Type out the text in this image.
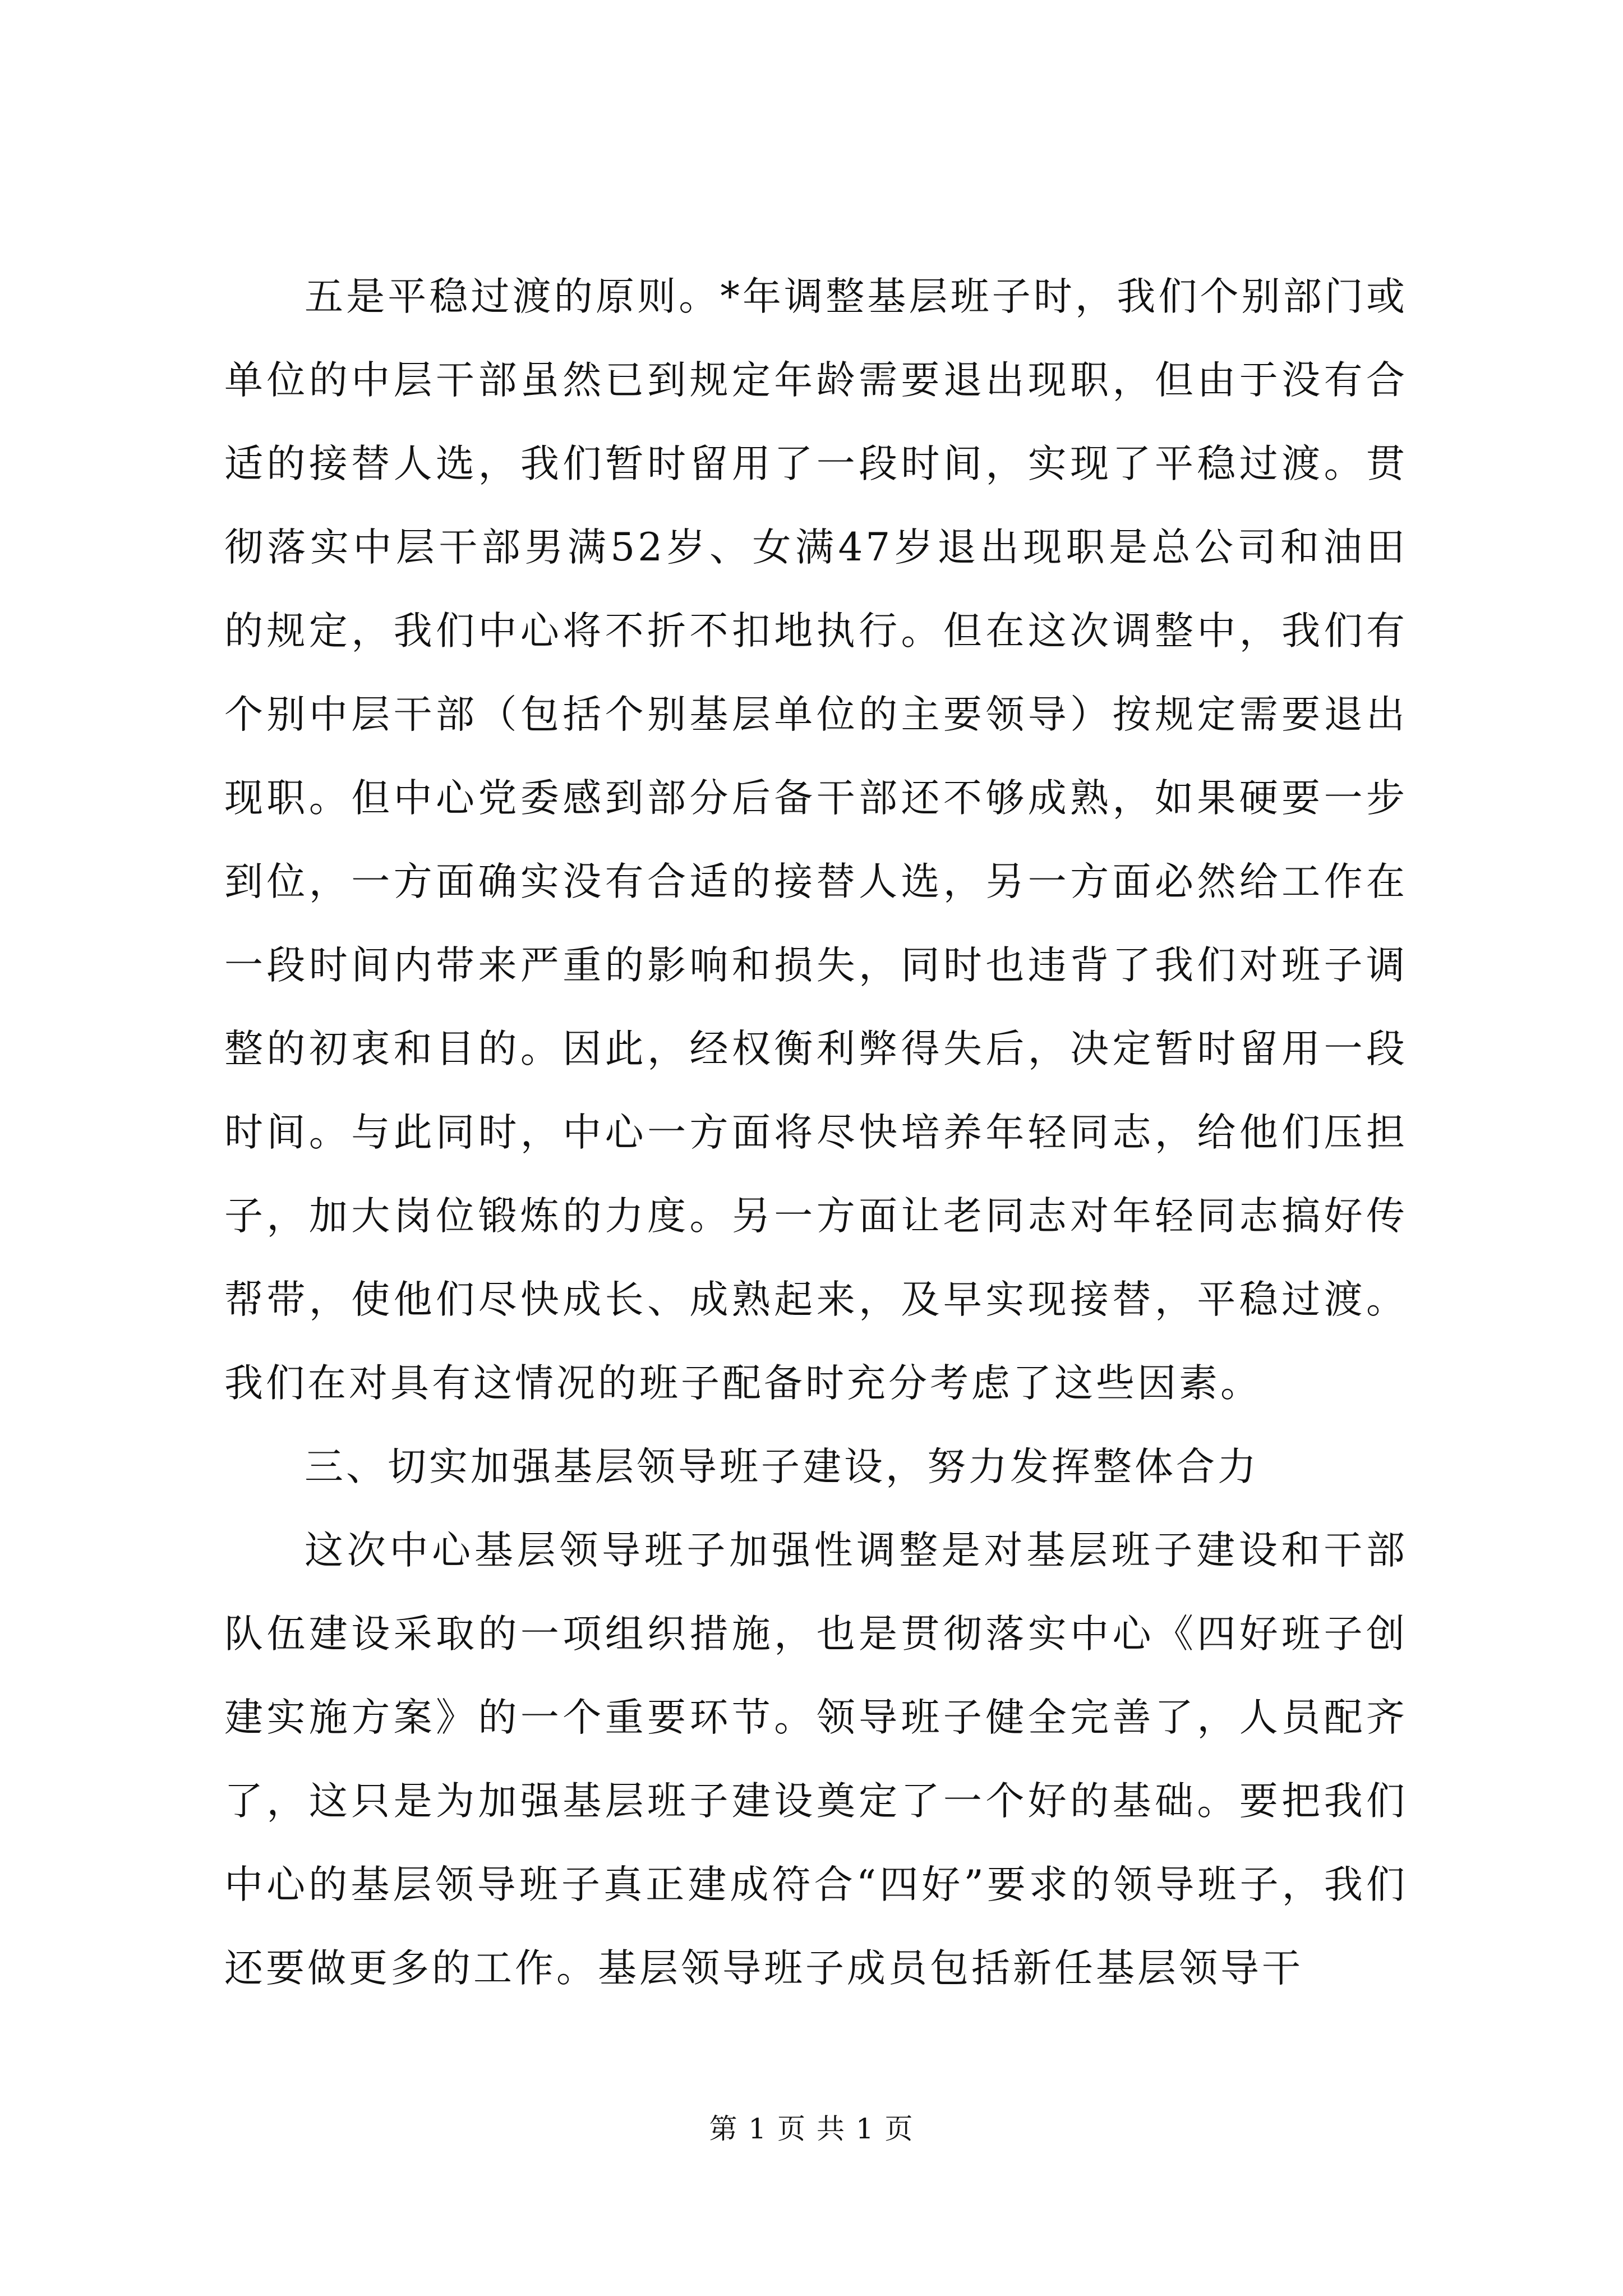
五是平稳过渡的原则。*年调整基层班子时，我们个别部门或单位的中层干部虽然已到规定年龄需要退出现职，但由于没有合适的接替人选，我们暂时留用了一段时间，实现了平稳过渡。贯彻落实中层干部男满52岁、女满47岁退出现职是总公司和油田的规定，我们中心将不折不扣地执行。但在这次调整中，我们有个别中层干部（包括个别基层单位的主要领导）按规定需要退出现职。但中心党委感到部分后备干部还不够成熟，如果硬要一步到位，一方面确实没有合适的接替人选，另一方面必然给工作在一段时间内带来严重的影响和损失，同时也违背了我们对班子调整的初衷和目的。因此，经权衡利弊得失后，决定暂时留用一段时间。与此同时，中心一方面将尽快培养年轻同志，给他们压担子，加大岗位锻炼的力度。另一方面让老同志对年轻同志搞好传帮带，使他们尽快成长、成熟起来，及早实现接替，平稳过渡。我们在对具有这情况的班子配备时充分考虑了这些因素。

三、切实加强基层领导班子建设，努力发挥整体合力

这次中心基层领导班子加强性调整是对基层班子建设和干部队伍建设采取的一项组织措施，也是贯彻落实中心《四好班子创建实施方案》的一个重要环节。领导班子健全完善了，人员配齐了，这只是为加强基层班子建设奠定了一个好的基础。要把我们中心的基层领导班子真正建成符合“四好”要求的领导班子，我们还要做更多的工作。基层领导班子成员包括新任基层领导干

第 1 页 共 1 页
